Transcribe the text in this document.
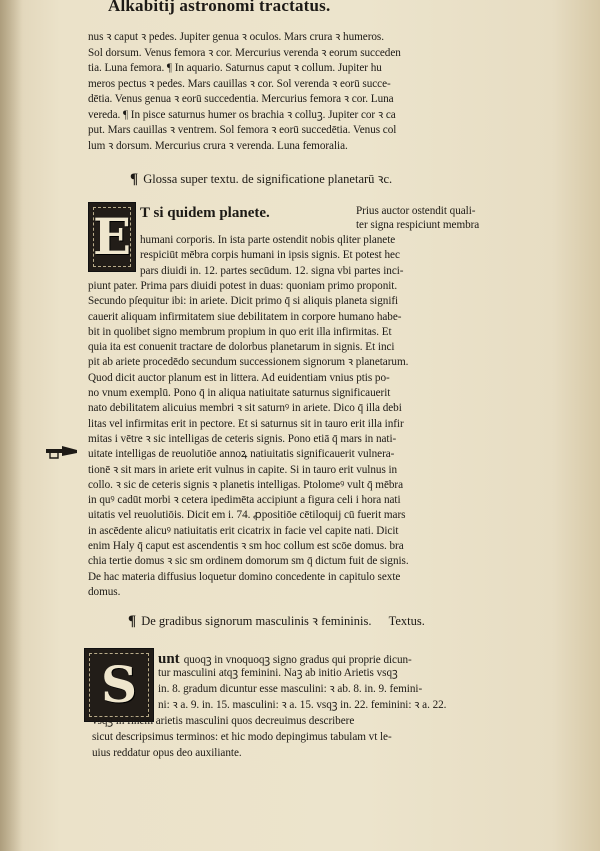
Alkabitij astronomi tractatus.
nus ꝛ caput ꝛ pedes. Jupiter genua ꝛ oculos. Mars crura ꝛ humeros.
Sol dorsum. Venus femora ꝛ cor. Mercurius verenda ꝛ eorum succeden
tia. Luna femora. ¶ In aquario. Saturnus caput ꝛ collum. Jupiter hu
meros pectus ꝛ pedes. Mars cauillas ꝛ cor. Sol verenda ꝛ eorū succe-
dētia. Venus genua ꝛ eorū succedentia. Mercurius femora ꝛ cor. Luna
vereda. ¶ In pisce saturnus humer os brachia ꝛ colluꝫ. Jupiter cor ꝛ ca
put. Mars cauillas ꝛ ventrem. Sol femora ꝛ eorū succedētia. Venus col
lum ꝛ dorsum. Mercurius crura ꝛ verenda. Luna femoralia.
¶ Glossa super textu. de significatione planetarū ꝛc.
E T si quidem planete.	Prius auctor ostendit quali-
ter signa respiciunt membra
humani corporis. In ista parte ostendit nobis qliter planete
respiciūt mēbra corpis humani in ipsis signis. Et potest hec
pars diuidi in. 12. partes secūdum. 12. signa vbi partes inci-
piunt pater. Prima pars diuidi potest in duas: quoniam primo proponit.
Secundo pſequitur ibi: in ariete. Dicit primo q̄ si aliquis planeta signifi
cauerit aliquam infirmitatem siue debilitatem in corpore humano habe-
bit in quolibet signo membrum propium in quo erit illa infirmitas. Et
quia ita est conuenit tractare de dolorbus planetarum in signis. Et inci
pit ab ariete procedēdo secundum successionem signorum ꝛ planetarum.
Quod dicit auctor planum est in littera. Ad euidentiam vnius ptis po-
no vnum exemplū. Pono q̄ in aliqua natiuitate saturnus significauerit
nato debilitatem alicuius membri ꝛ sit saturnꝰ in ariete. Dico q̄ illa debi
litas vel infirmitas erit in pectore. Et si saturnus sit in tauro erit illa infir
mitas i vētre ꝛ sic intelligas de ceteris signis. Pono etiā q̄ mars in nati-
uitate intelligas de reuolutiōe annoꝝ natiuitatis significauerit vulnera-
tionē ꝛ sit mars in ariete erit vulnus in capite. Si in tauro erit vulnus in
collo. ꝛ sic de ceteris signis ꝛ planetis intelligas. Ptolomeꝰ vult q̄ mēbra
in quꝰ cadūt morbi ꝛ cetera ipedimēta accipiunt a figura celi i hora nati
uitatis vel reuolutiōis. Dicit em i. 74. ꝓpositiōe cētiloquij cū fuerit mars
in ascēdente alicuꝰ natiuitatis erit cicatrix in facie vel capite nati. Dicit
enim Haly q̄ caput est ascendentis ꝛ sm hoc collum est scōe domus. bra
chia tertie domus ꝛ sic sm ordinem domorum sm q̄ dictum fuit de signis.
De hac materia diffusius loquetur domino concedente in capitulo sexte
domus.
¶ De gradibus signorum masculinis ꝛ femininis. Textus.
S unt quoqꝫ in vnoquoqꝫ signo gradus qui proprie dicun-
tur masculini atqꝫ feminini. Naꝫ ab initio Arietis vsqꝫ
in. 8. gradum dicuntur esse masculini: ꝛ ab. 8. in. 9. femini-
ni: ꝛ a. 9. in. 15. masculini: ꝛ a. 15. vsqꝫ in. 22. feminini: ꝛ a. 22.
vsqꝫ in finem arietis masculini quos decreuimus describere
sicut descripsimus terminos: et hic modo depingimus tabulam vt le-
uius reddatur opus deo auxiliante.
